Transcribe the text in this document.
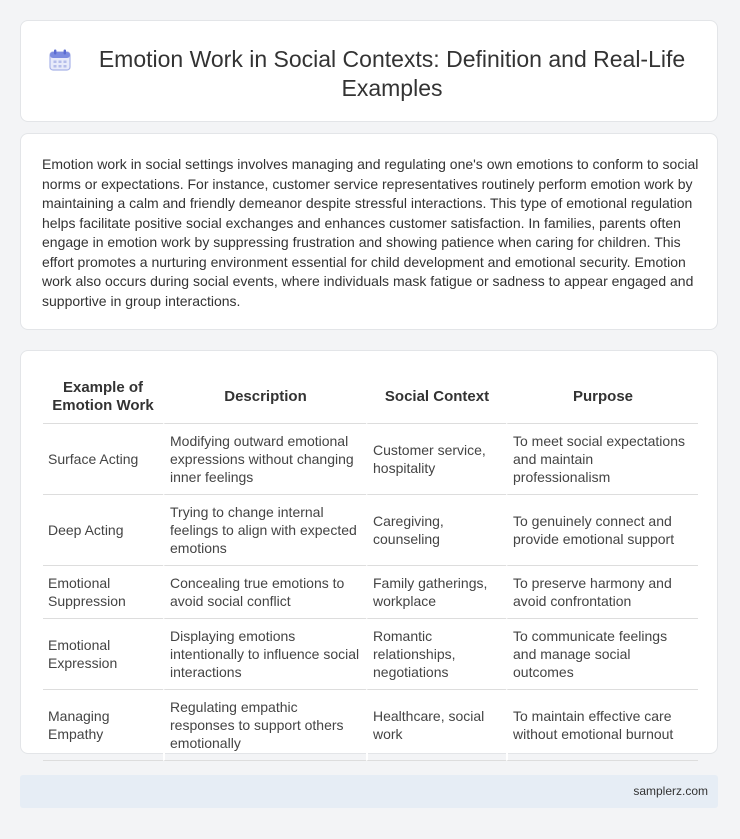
Emotion Work in Social Contexts: Definition and Real-Life Examples

Emotion work in social settings involves managing and regulating one's own emotions to conform to social norms or expectations. For instance, customer service representatives routinely perform emotion work by maintaining a calm and friendly demeanor despite stressful interactions. This type of emotional regulation helps facilitate positive social exchanges and enhances customer satisfaction. In families, parents often engage in emotion work by suppressing frustration and showing patience when caring for children. This effort promotes a nurturing environment essential for child development and emotional security. Emotion work also occurs during social events, where individuals mask fatigue or sadness to appear engaged and supportive in group interactions.

Example of Emotion Work	Description	Social Context	Purpose
Surface Acting	Modifying outward emotional expressions without changing inner feelings	Customer service, hospitality	To meet social expectations and maintain professionalism
Deep Acting	Trying to change internal feelings to align with expected emotions	Caregiving, counseling	To genuinely connect and provide emotional support
Emotional Suppression	Concealing true emotions to avoid social conflict	Family gatherings, workplace	To preserve harmony and avoid confrontation
Emotional Expression	Displaying emotions intentionally to influence social interactions	Romantic relationships, negotiations	To communicate feelings and manage social outcomes
Managing Empathy	Regulating empathic responses to support others emotionally	Healthcare, social work	To maintain effective care without emotional burnout
samplerz.com
